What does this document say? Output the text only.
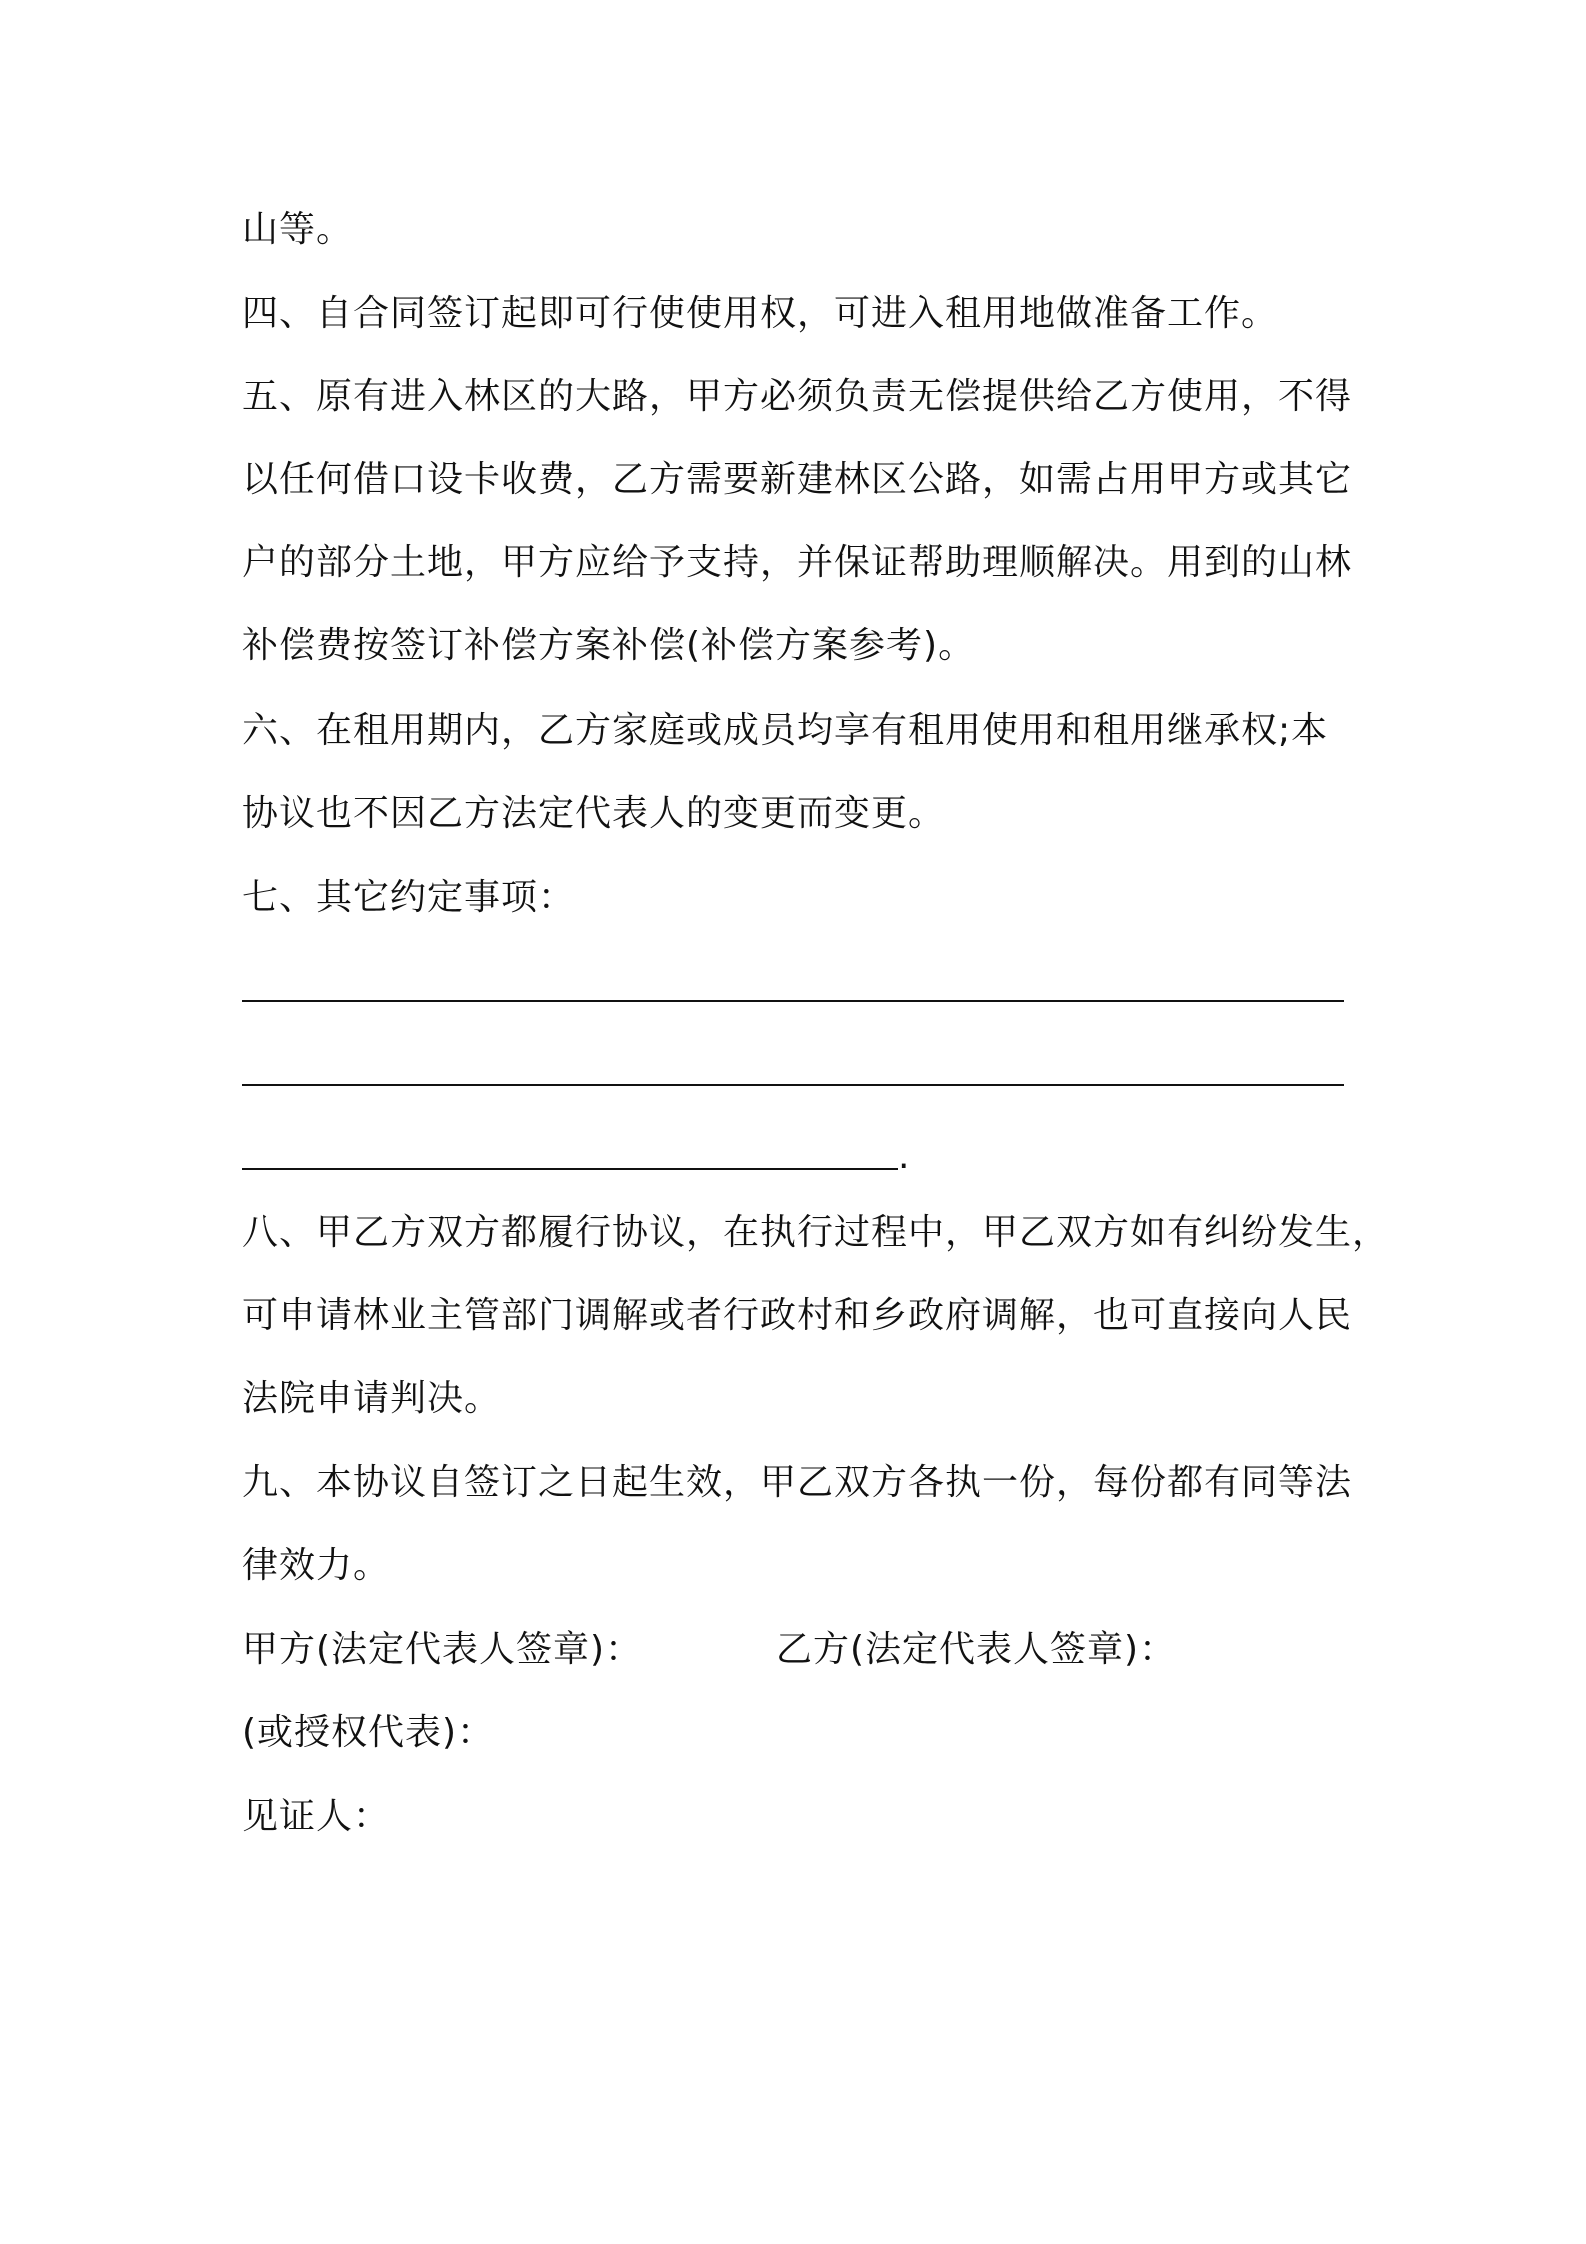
山等。
四、自合同签订起即可行使使用权，可进入租用地做准备工作。
五、原有进入林区的大路，甲方必须负责无偿提供给乙方使用，不得
以任何借口设卡收费，乙方需要新建林区公路，如需占用甲方或其它
户的部分土地，甲方应给予支持，并保证帮助理顺解决。用到的山林
补偿费按签订补偿方案补偿(补偿方案参考)。
六、在租用期内，乙方家庭或成员均享有租用使用和租用继承权;本
协议也不因乙方法定代表人的变更而变更。
七、其它约定事项：
.
八、甲乙方双方都履行协议，在执行过程中，甲乙双方如有纠纷发生，
可申请林业主管部门调解或者行政村和乡政府调解，也可直接向人民
法院申请判决。
九、本协议自签订之日起生效，甲乙双方各执一份，每份都有同等法
律效力。
甲方(法定代表人签章)：	乙方(法定代表人签章)：
(或授权代表)：
见证人：
